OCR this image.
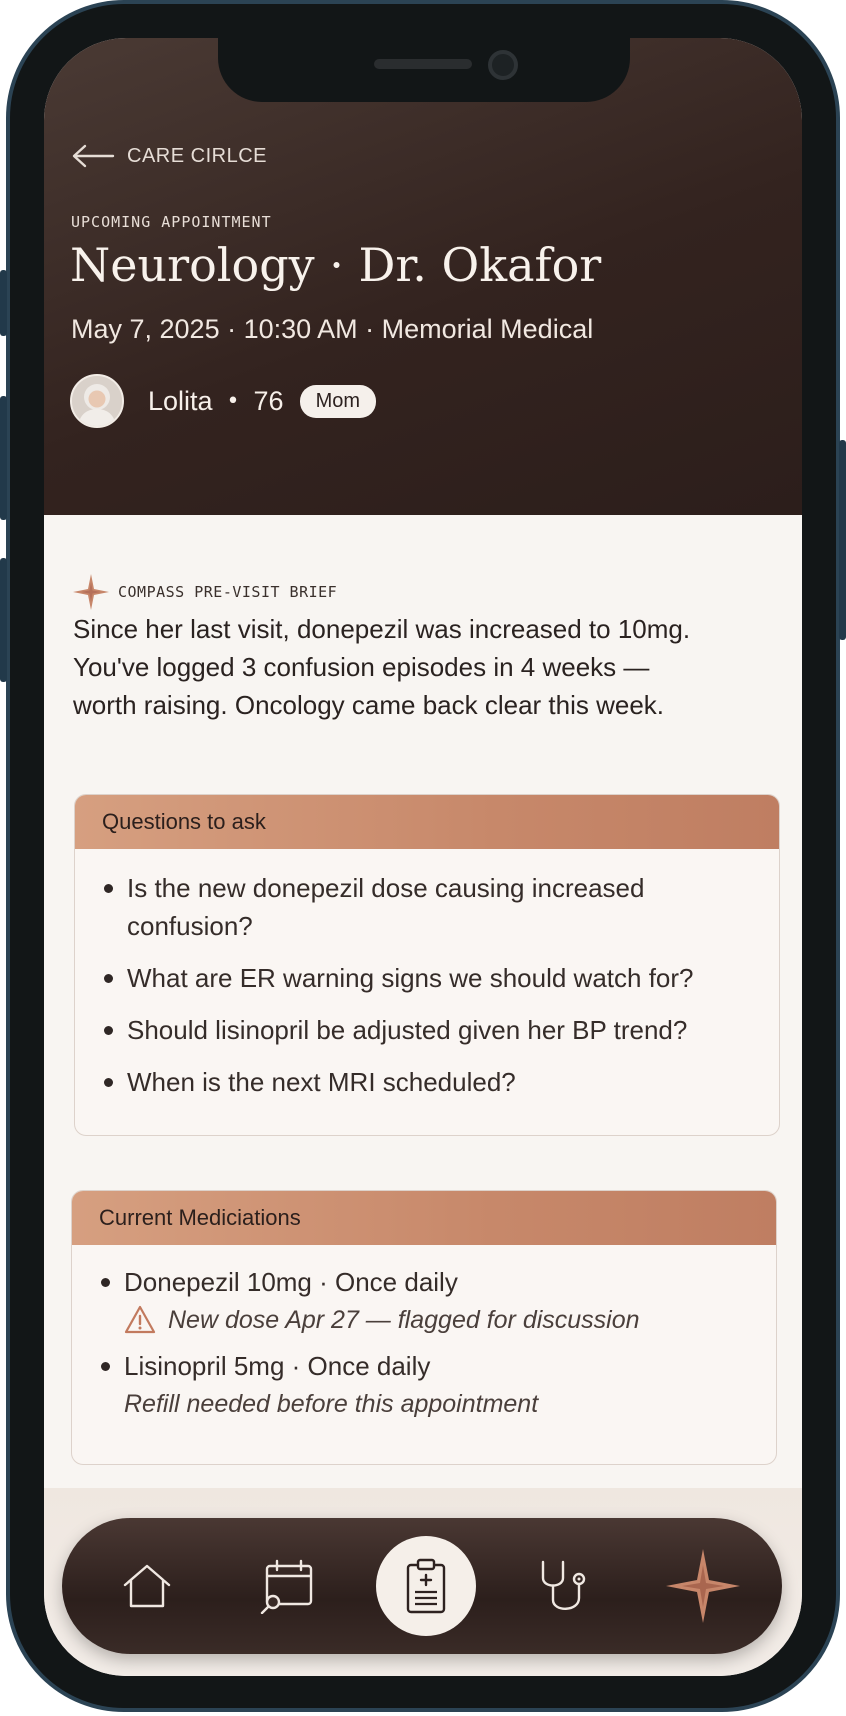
CARE CIRLCE
UPCOMING APPOINTMENT
Neurology · Dr. Okafor
May 7, 2025 · 10:30 AM · Memorial Medical
Lolita • 76	Mom
COMPASS PRE-VISIT BRIEF
Since her last visit, donepezil was increased to 10mg.
You've logged 3 confusion episodes in 4 weeks —
worth raising. Oncology came back clear this week.
Questions to ask
Is the new donepezil dose causing increased confusion?
What are ER warning signs we should watch for?
Should lisinopril be adjusted given her BP trend?
When is the next MRI scheduled?
Current Mediciations
Donepezil 10mg · Once daily
New dose Apr 27 — flagged for discussion
Lisinopril 5mg · Once daily
Refill needed before this appointment
